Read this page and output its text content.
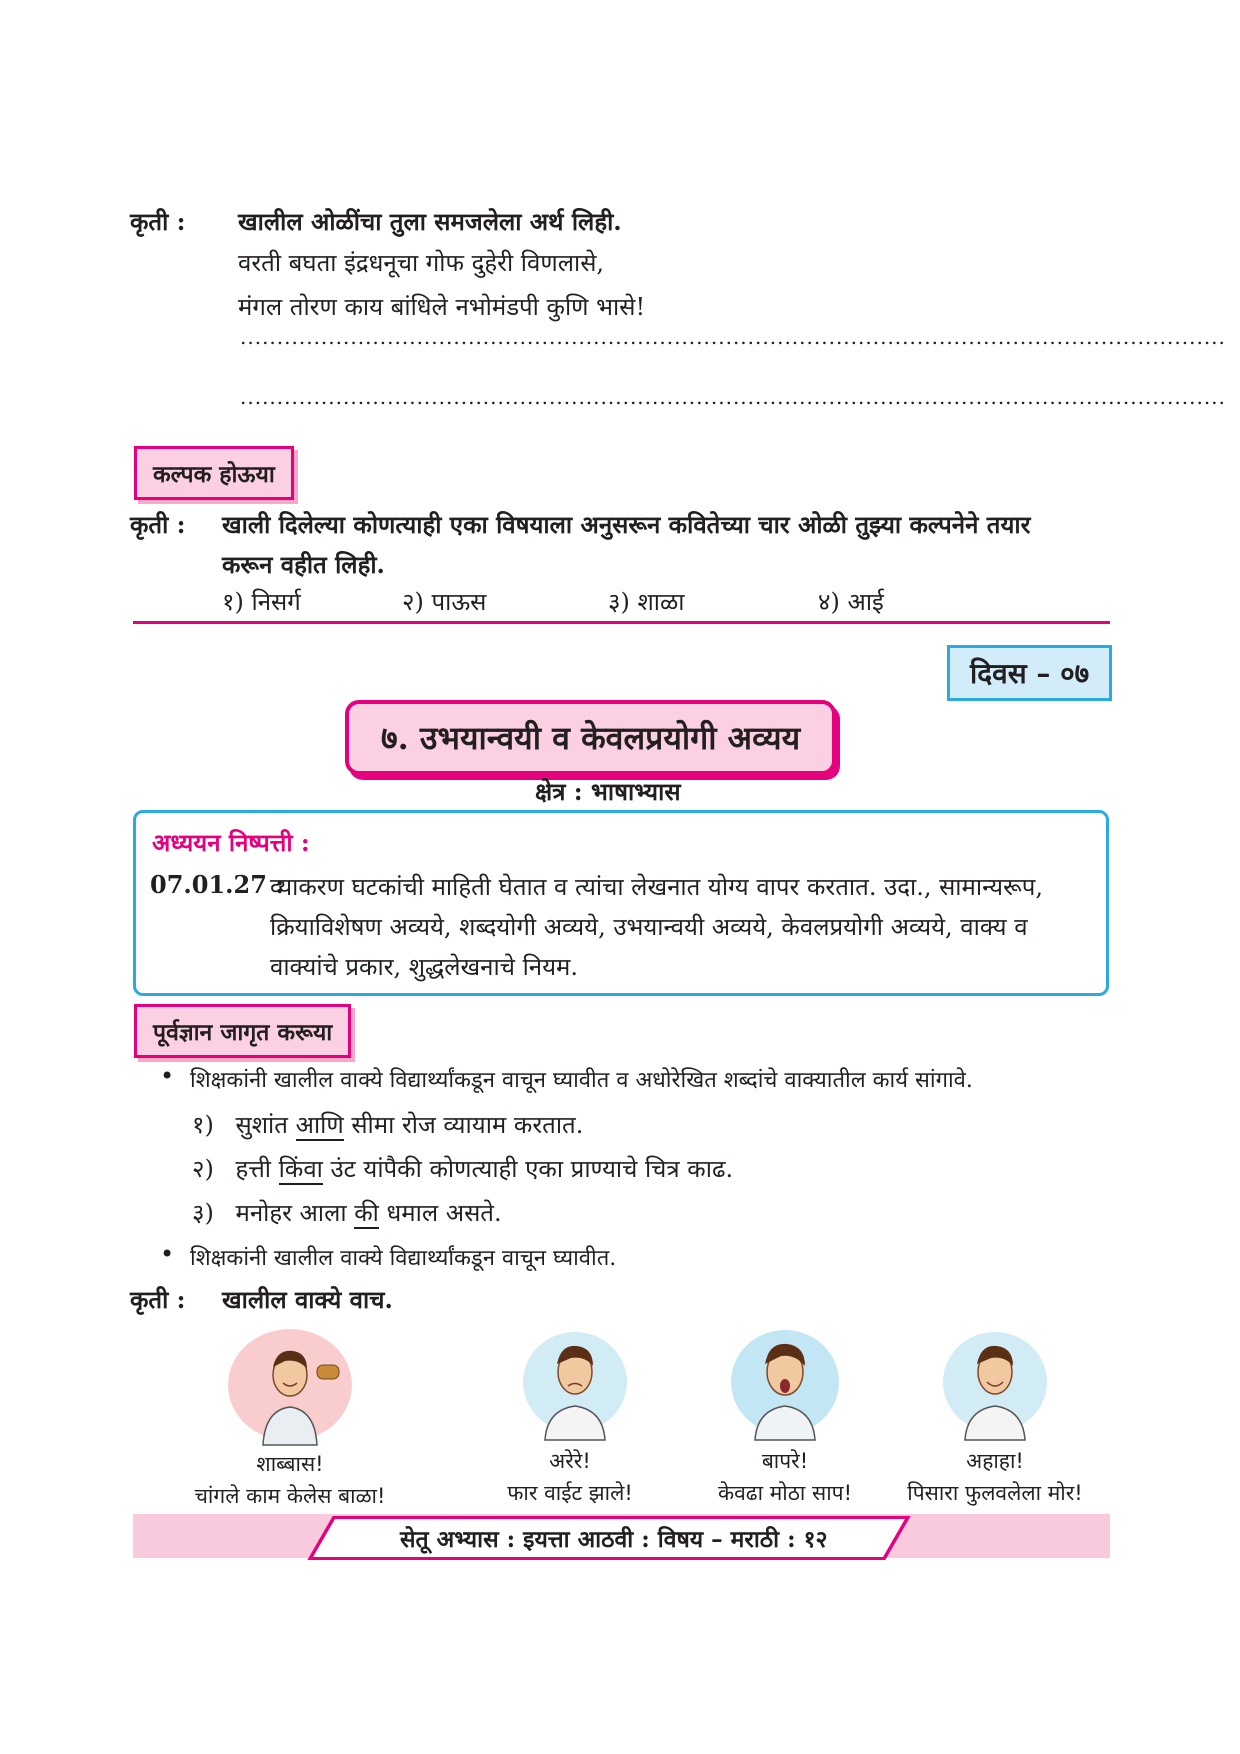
कृती : खालील ओळींचा तुला समजलेला अर्थ लिही.
वरती बघता इंद्रधनूचा गोफ दुहेरी विणलासे,
मंगल तोरण काय बांधिले नभोमंडपी कुणि भासे!
......................................................................................................................................
......................................................................................................................................
कल्पक होऊया
कृती : खाली दिलेल्या कोणत्याही एका विषयाला अनुसरून कवितेच्या चार ओळी तुझ्या कल्पनेने तयार
करून वहीत लिही.
१) निसर्ग	२) पाऊस	३) शाळा	४) आई
दिवस – ०७
७. उभयान्वयी व केवलप्रयोगी अव्यय
क्षेत्र : भाषाभ्यास
अध्ययन निष्पत्ती :
07.01.27 :
व्याकरण घटकांची माहिती घेतात व त्यांचा लेखनात योग्य वापर करतात. उदा., सामान्यरूप,
क्रियाविशेषण अव्यये, शब्दयोगी अव्यये, उभयान्वयी अव्यये, केवलप्रयोगी अव्यये, वाक्य व
वाक्यांचे प्रकार, शुद्धलेखनाचे नियम.
पूर्वज्ञान जागृत करूया
• शिक्षकांनी खालील वाक्ये विद्यार्थ्यांकडून वाचून घ्यावीत व अधोरेखित शब्दांचे वाक्यातील कार्य सांगावे.
१) सुशांत आणि सीमा रोज व्यायाम करतात.
२) हत्ती किंवा उंट यांपैकी कोणत्याही एका प्राण्याचे चित्र काढ.
३) मनोहर आला की धमाल असते.
• शिक्षकांनी खालील वाक्ये विद्यार्थ्यांकडून वाचून घ्यावीत.
कृती : खालील वाक्ये वाच.
शाब्बास!
चांगले काम केलेस बाळा!
अरेरे!
फार वाईट झाले!
बापरे!
केवढा मोठा साप!
अहाहा!
पिसारा फुलवलेला मोर!
सेतू अभ्यास : इयत्ता आठवी : विषय – मराठी : १२
